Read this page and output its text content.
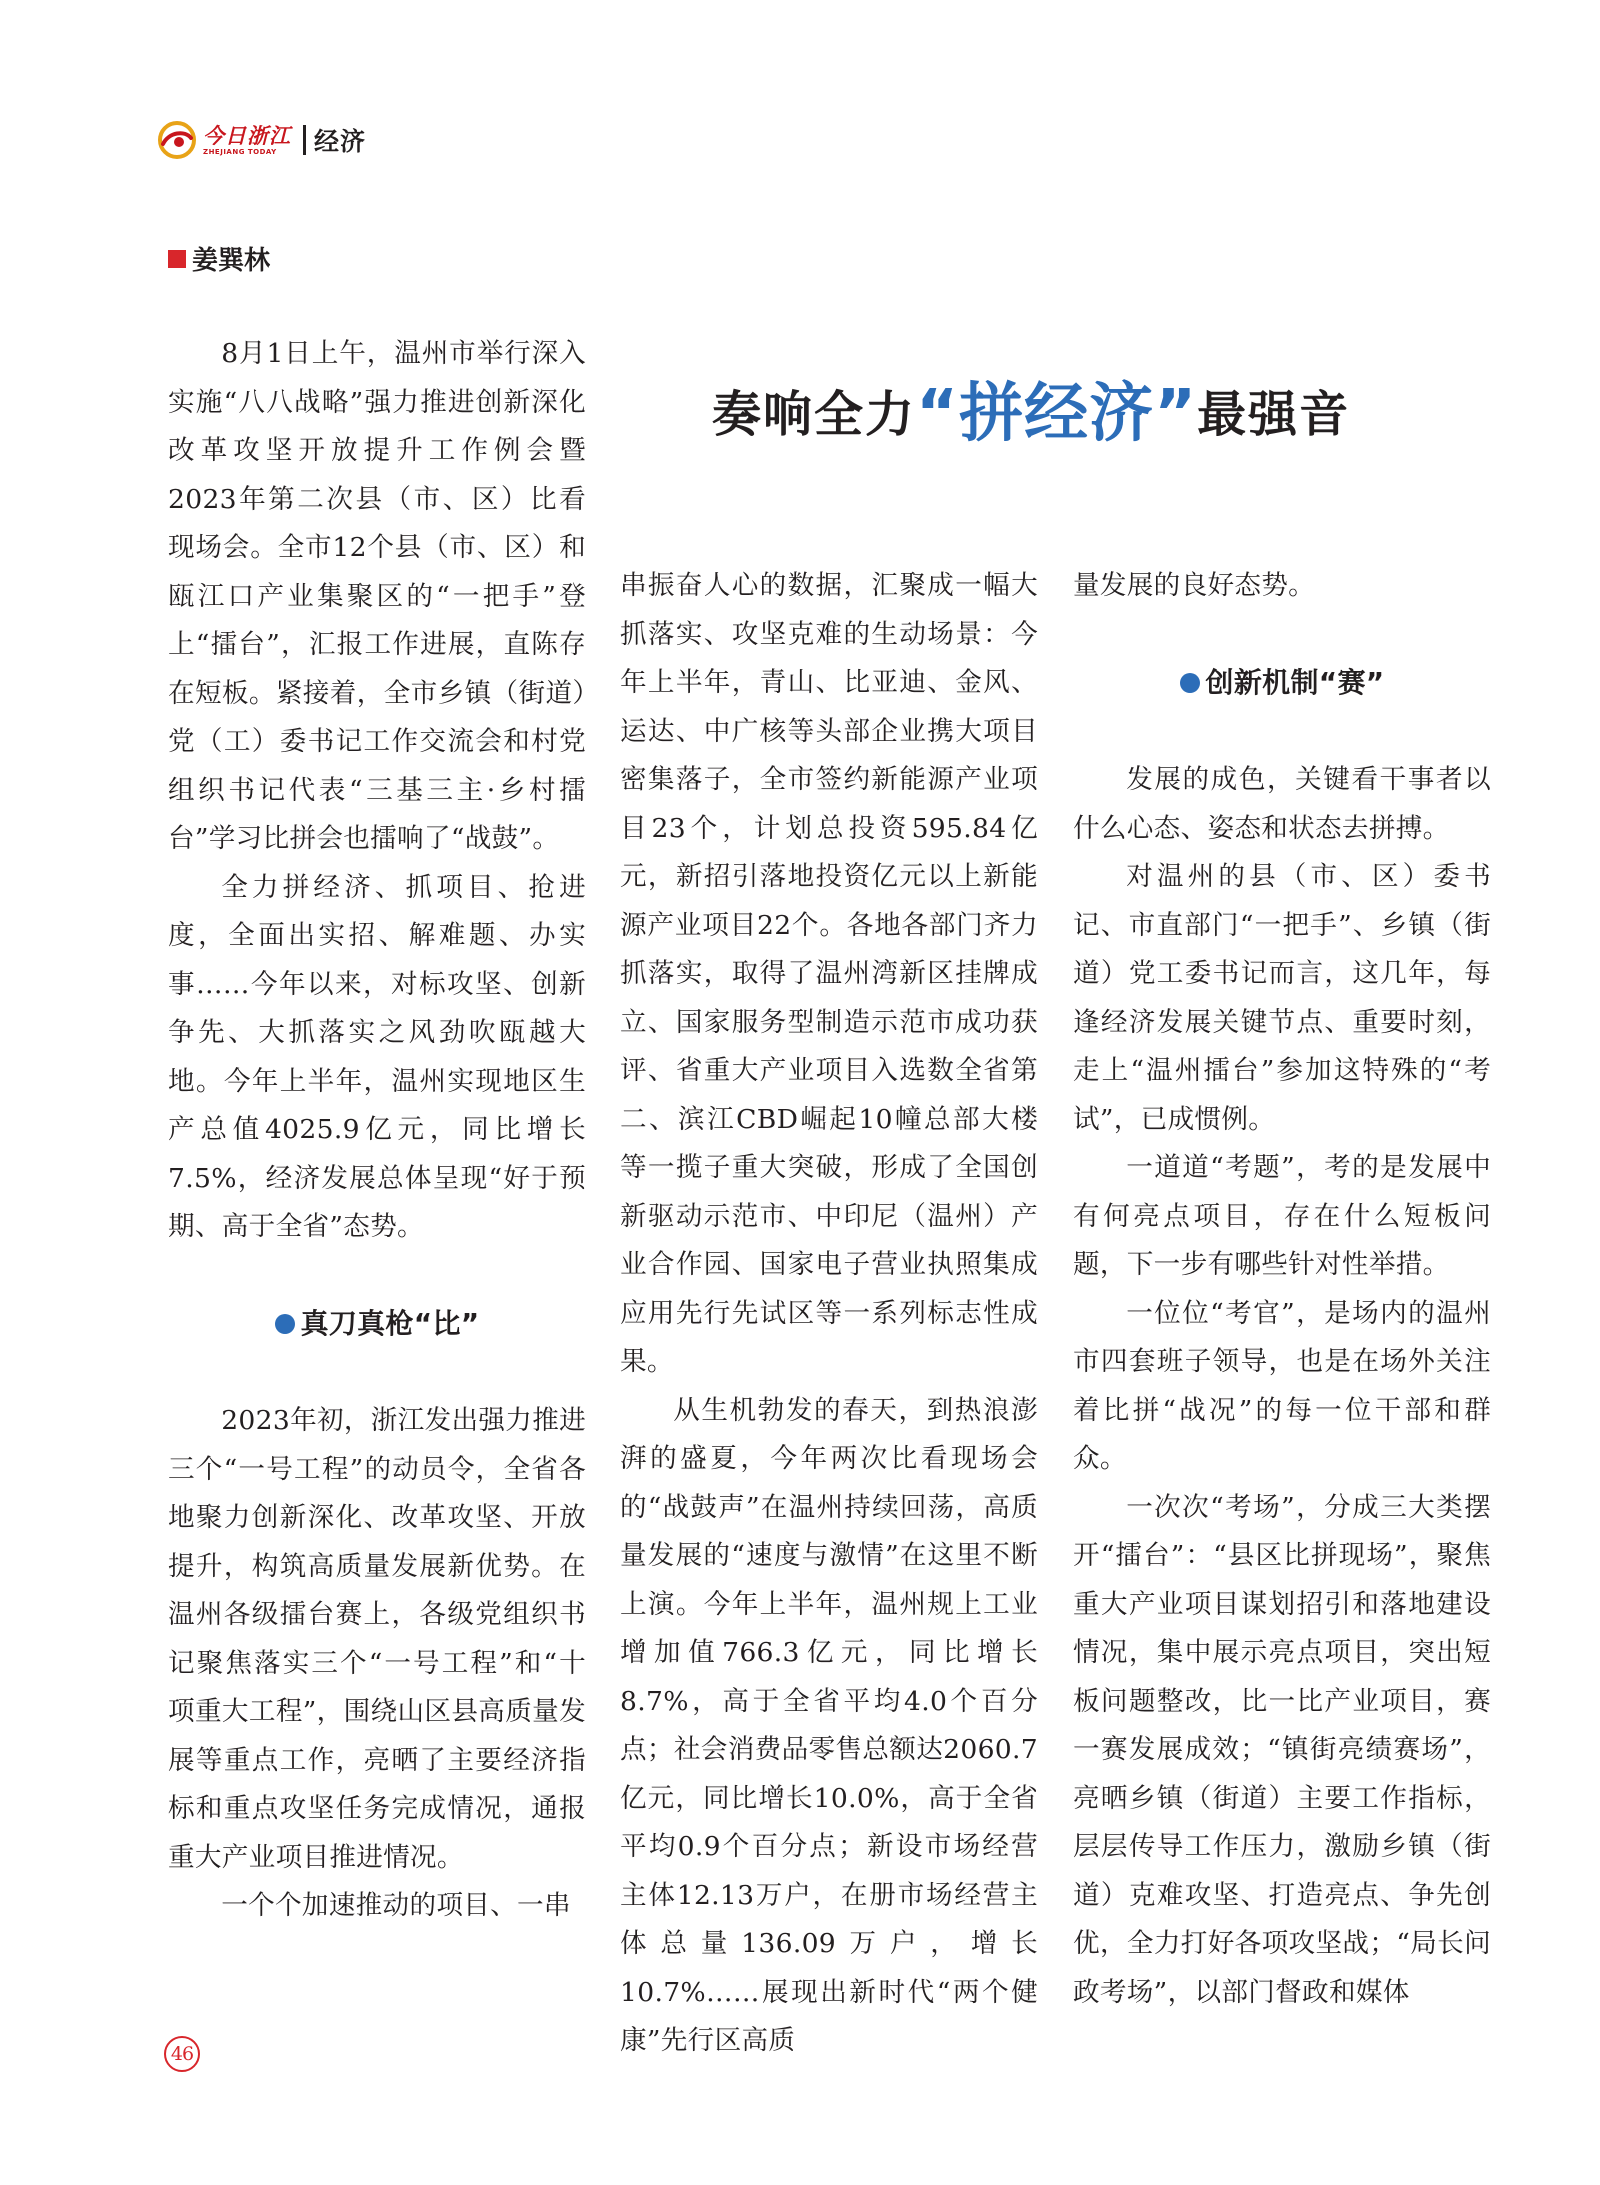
今日浙江
ZHEJIANG TODAY	经济
姜巽林
奏响全力“拼经济”最强音

8月1日上午，温州市举行深入实施“八八战略”强力推进创新深化改革攻坚开放提升工作例会暨2023年第二次县（市、区）比看现场会。全市12个县（市、区）和瓯江口产业集聚区的“一把手”登上“擂台”，汇报工作进展，直陈存在短板。紧接着，全市乡镇（街道）党（工）委书记工作交流会和村党组织书记代表“三基三主·乡村擂台”学习比拼会也擂响了“战鼓”。

全力拼经济、抓项目、抢进度，全面出实招、解难题、办实事……今年以来，对标攻坚、创新争先、大抓落实之风劲吹瓯越大地。今年上半年，温州实现地区生产总值4025.9亿元，同比增长7.5%，经济发展总体呈现“好于预期、高于全省”态势。

真刀真枪“比”

2023年初，浙江发出强力推进三个“一号工程”的动员令，全省各地聚力创新深化、改革攻坚、开放提升，构筑高质量发展新优势。在温州各级擂台赛上，各级党组织书记聚焦落实三个“一号工程”和“十项重大工程”，围绕山区县高质量发展等重点工作，亮晒了主要经济指标和重点攻坚任务完成情况，通报重大产业项目推进情况。

一个个加速推动的项目、一串

串振奋人心的数据，汇聚成一幅大抓落实、攻坚克难的生动场景：今年上半年，青山、比亚迪、金风、运达、中广核等头部企业携大项目密集落子，全市签约新能源产业项目23个，计划总投资595.84亿元，新招引落地投资亿元以上新能源产业项目22个。各地各部门齐力抓落实，取得了温州湾新区挂牌成立、国家服务型制造示范市成功获评、省重大产业项目入选数全省第二、滨江CBD崛起10幢总部大楼等一揽子重大突破，形成了全国创新驱动示范市、中印尼（温州）产业合作园、国家电子营业执照集成应用先行先试区等一系列标志性成果。

从生机勃发的春天，到热浪澎湃的盛夏，今年两次比看现场会的“战鼓声”在温州持续回荡，高质量发展的“速度与激情”在这里不断上演。今年上半年，温州规上工业增加值766.3亿元，同比增长8.7%，高于全省平均4.0个百分点；社会消费品零售总额达2060.7亿元，同比增长10.0%，高于全省平均0.9个百分点；新设市场经营主体12.13万户，在册市场经营主体总量136.09万户，增长10.7%……展现出新时代“两个健康”先行区高质

量发展的良好态势。

创新机制“赛”

发展的成色，关键看干事者以什么心态、姿态和状态去拼搏。

对温州的县（市、区）委书记、市直部门“一把手”、乡镇（街道）党工委书记而言，这几年，每逢经济发展关键节点、重要时刻，走上“温州擂台”参加这特殊的“考试”，已成惯例。

一道道“考题”，考的是发展中有何亮点项目，存在什么短板问题，下一步有哪些针对性举措。

一位位“考官”，是场内的温州市四套班子领导，也是在场外关注着比拼“战况”的每一位干部和群众。

一次次“考场”，分成三大类摆开“擂台”：“县区比拼现场”，聚焦重大产业项目谋划招引和落地建设情况，集中展示亮点项目，突出短板问题整改，比一比产业项目，赛一赛发展成效；“镇街亮绩赛场”，亮晒乡镇（街道）主要工作指标，层层传导工作压力，激励乡镇（街道）克难攻坚、打造亮点、争先创优，全力打好各项攻坚战；“局长问政考场”，以部门督政和媒体

46
